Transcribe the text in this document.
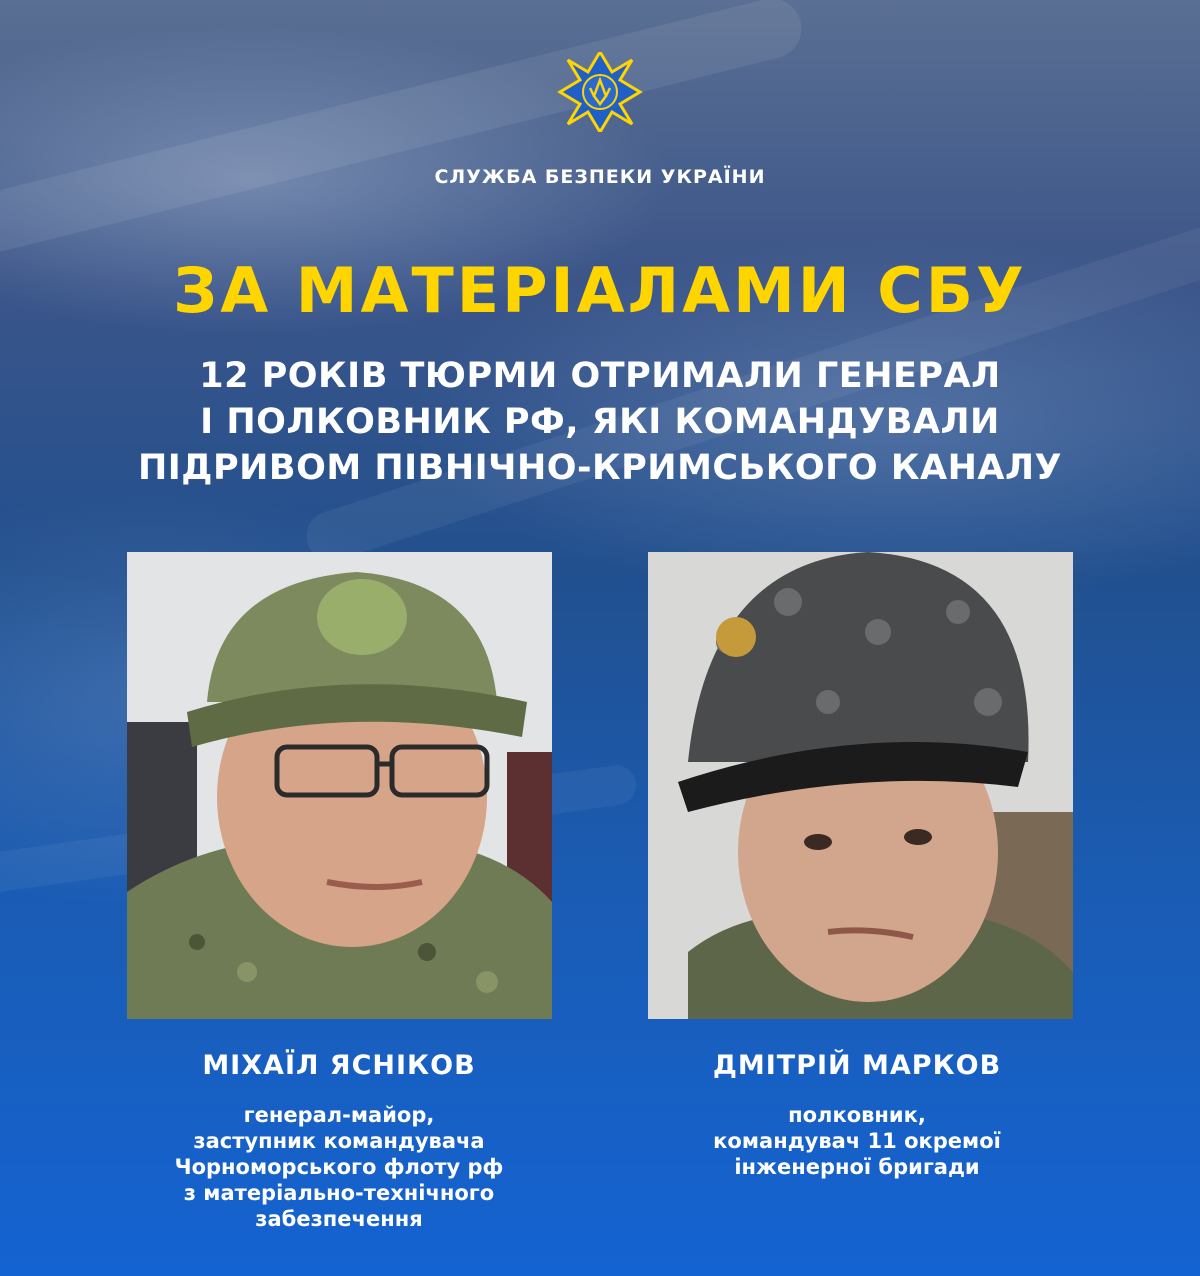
СЛУЖБА БЕЗПЕКИ УКРАЇНИ
ЗА МАТЕРІАЛАМИ СБУ
12 РОКІВ ТЮРМИ ОТРИМАЛИ ГЕНЕРАЛ
І ПОЛКОВНИК РФ, ЯКІ КОМАНДУВАЛИ
ПІДРИВОМ ПІВНІЧНО-КРИМСЬКОГО КАНАЛУ
МІХАЇЛ ЯСНІКОВ
генерал-майор,
заступник командувача
Чорноморського флоту рф
з матеріально-технічного
забезпечення
ДМІТРІЙ МАРКОВ
полковник,
командувач 11 окремої
інженерної бригади
